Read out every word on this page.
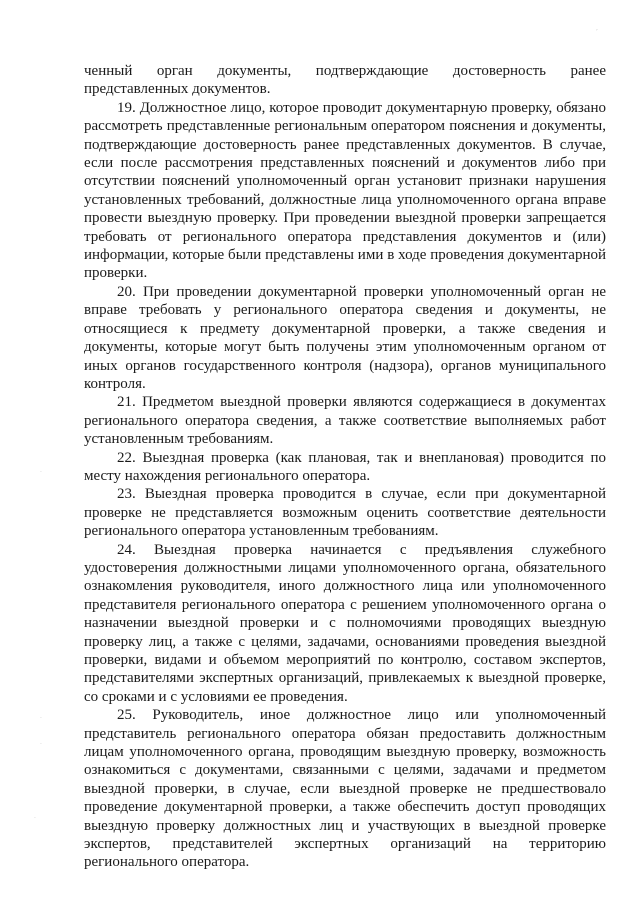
,
·
·
·
·

ченный орган документы, подтверждающие достоверность ранее представленных документов.

19. Должностное лицо, которое проводит документарную проверку, обязано рассмотреть представленные региональным оператором пояснения и документы, подтверждающие достоверность ранее представленных документов. В случае, если после рассмотрения представленных пояснений и документов либо при отсутствии пояснений уполномоченный орган установит признаки нарушения установленных требований, должностные лица уполномоченного органа вправе провести выездную проверку. При проведении выездной проверки запрещается требовать от регионального оператора представления документов и (или) информации, которые были представлены ими в ходе проведения документарной проверки.

20. При проведении документарной проверки уполномоченный орган не вправе требовать у регионального оператора сведения и документы, не относящиеся к предмету документарной проверки, а также сведения и документы, которые могут быть получены этим уполномоченным органом от иных органов государственного контроля (надзора), органов муниципального контроля.

21. Предметом выездной проверки являются содержащиеся в документах регионального оператора сведения, а также соответствие выполняемых работ установленным требованиям.

22. Выездная проверка (как плановая, так и внеплановая) проводится по месту нахождения регионального оператора.

23. Выездная проверка проводится в случае, если при документарной проверке не представляется возможным оценить соответствие деятельности регионального оператора установленным требованиям.

24. Выездная проверка начинается с предъявления служебного удостоверения должностными лицами уполномоченного органа, обязательного ознакомления руководителя, иного должностного лица или уполномоченного представителя регионального оператора с решением уполномоченного органа о назначении выездной проверки и с полномочиями проводящих выездную проверку лиц, а также с целями, задачами, основаниями проведения выездной проверки, видами и объемом мероприятий по контролю, составом экспертов, представителями экспертных организаций, привлекаемых к выездной проверке, со сроками и с условиями ее проведения.

25. Руководитель, иное должностное лицо или уполномоченный представитель регионального оператора обязан предоставить должностным лицам уполномоченного органа, проводящим выездную проверку, возможность ознакомиться с документами, связанными с целями, задачами и предметом выездной проверки, в случае, если выездной проверке не предшествовало проведение документарной проверки, а также обеспечить доступ проводящих выездную проверку должностных лиц и участвующих в выездной проверке экспертов, представителей экспертных организаций на территорию регионального оператора.
